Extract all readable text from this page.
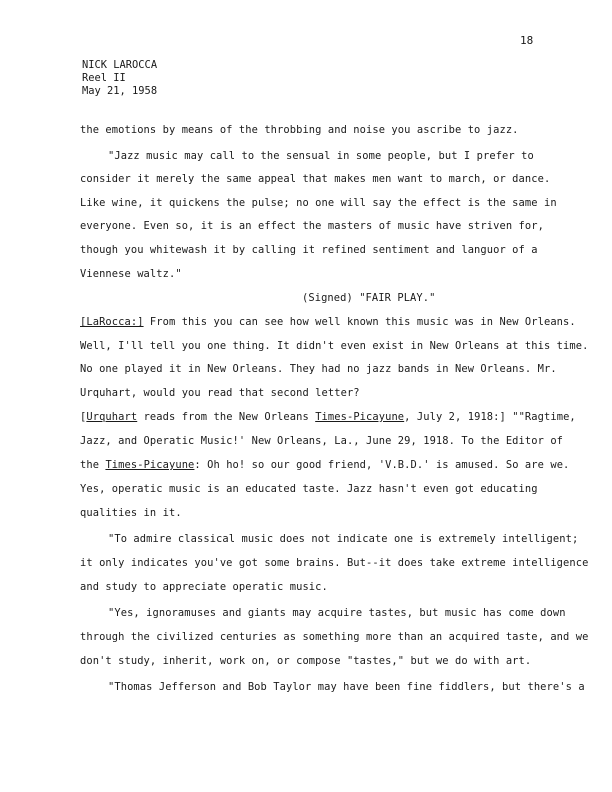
18
NICK LAROCCA
Reel II
May 21, 1958
the emotions by means of the throbbing and noise you ascribe to jazz.
"Jazz music may call to the sensual in some people, but I prefer to
consider it merely the same appeal that makes men want to march, or dance.
Like wine, it quickens the pulse; no one will say the effect is the same in
everyone. Even so, it is an effect the masters of music have striven for,
though you whitewash it by calling it refined sentiment and languor of a
Viennese waltz."
(Signed) "FAIR PLAY."
[LaRocca:] From this you can see how well known this music was in New Orleans.
Well, I'll tell you one thing. It didn't even exist in New Orleans at this time.
No one played it in New Orleans. They had no jazz bands in New Orleans. Mr.
Urquhart, would you read that second letter?
[Urquhart reads from the New Orleans Times-Picayune, July 2, 1918:] ""Ragtime,
Jazz, and Operatic Music!' New Orleans, La., June 29, 1918. To the Editor of
the Times-Picayune: Oh ho! so our good friend, 'V.B.D.' is amused. So are we.
Yes, operatic music is an educated taste. Jazz hasn't even got educating
qualities in it.
"To admire classical music does not indicate one is extremely intelligent;
it only indicates you've got some brains. But--it does take extreme intelligence
and study to appreciate operatic music.
"Yes, ignoramuses and giants may acquire tastes, but music has come down
through the civilized centuries as something more than an acquired taste, and we
don't study, inherit, work on, or compose "tastes," but we do with art.
"Thomas Jefferson and Bob Taylor may have been fine fiddlers, but there's a
